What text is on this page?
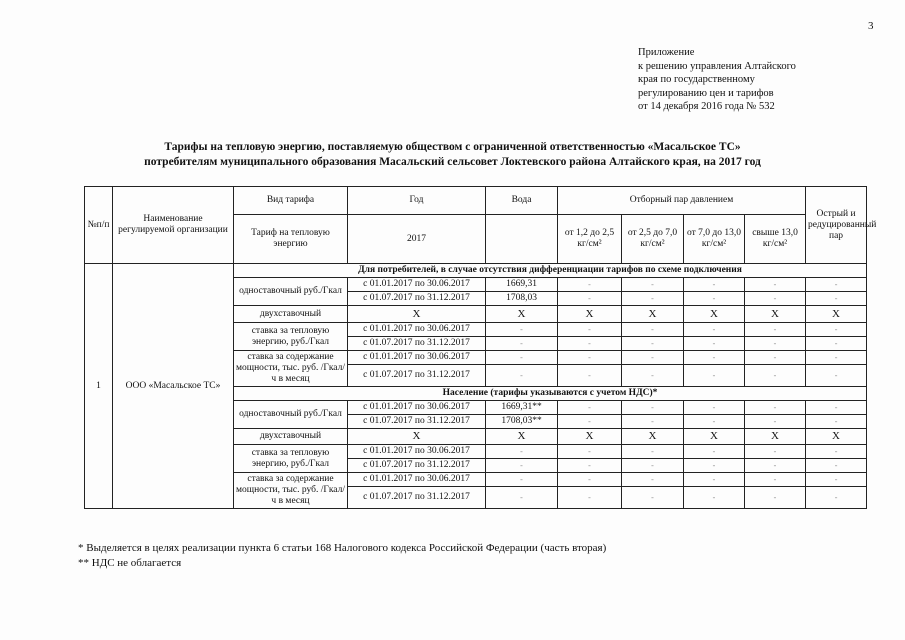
3
Приложение
к решению управления Алтайского
края по государственному
регулированию цен и тарифов
от 14 декабря 2016 года № 532
Тарифы на тепловую энергию, поставляемую обществом с ограниченной ответственностью «Масальское ТС»
потребителям муниципального образования Масальский сельсовет Локтевского района Алтайского края, на 2017 год
№п/п	Наименование регулируемой организации	Вид тарифа	Год	Вода	Отборный пар давлением				Острый и редуцированный пар
		Тариф на тепловую энергию	2017		от 1,2 до 2,5 кг/см²	от 2,5 до 7,0 кг/см²	от 7,0 до 13,0 кг/см²	свыше 13,0 кг/см²	
1	ООО «Масальское ТС»	Для потребителей, в случае отсутствия дифференциации тарифов по схеме подключения							
		одноставочный руб./Гкал	с 01.01.2017 по 30.06.2017	1669,31	-	-	-	-	-
			с 01.07.2017 по 31.12.2017	1708,03	-	-	-	-	-
		двухставочный	X	X	X	X	X	X	X
		ставка за тепловую энергию, руб./Гкал	с 01.01.2017 по 30.06.2017	-	-	-	-	-	-
			с 01.07.2017 по 31.12.2017	-	-	-	-	-	-
		ставка за содержание мощности, тыс. руб. /Гкал/ч в месяц	с 01.01.2017 по 30.06.2017	-	-	-	-	-	-
			с 01.07.2017 по 31.12.2017	-	-	-	-	-	-
		Население (тарифы указываются с учетом НДС)*							
		одноставочный руб./Гкал	с 01.01.2017 по 30.06.2017	1669,31**	-	-	-	-	-
			с 01.07.2017 по 31.12.2017	1708,03**	-	-	-	-	-
		двухставочный	X	X	X	X	X	X	X
		ставка за тепловую энергию, руб./Гкал	с 01.01.2017 по 30.06.2017	-	-	-	-	-	-
			с 01.07.2017 по 31.12.2017	-	-	-	-	-	-
		ставка за содержание мощности, тыс. руб. /Гкал/ч в месяц	с 01.01.2017 по 30.06.2017	-	-	-	-	-	-
			с 01.07.2017 по 31.12.2017	-	-	-	-	-	-
* Выделяется в целях реализации пункта 6 статьи 168 Налогового кодекса Российской Федерации (часть вторая)
** НДС не облагается
